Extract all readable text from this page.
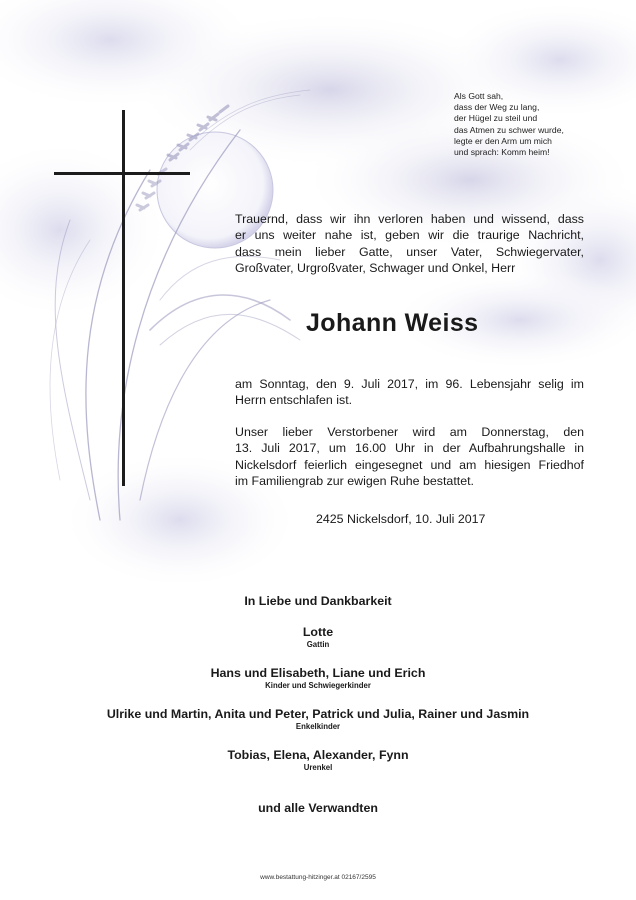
Als Gott sah,
dass der Weg zu lang,
der Hügel zu steil und
das Atmen zu schwer wurde,
legte er den Arm um mich
und sprach: Komm heim!
Trauernd, dass wir ihn verloren haben und wissend, dass
er uns weiter nahe ist, geben wir die traurige Nachricht,
dass mein lieber Gatte, unser Vater, Schwiegervater,
Großvater, Urgroßvater, Schwager und Onkel, Herr
Johann Weiss
am Sonntag, den 9. Juli 2017, im 96. Lebensjahr selig im
Herrn entschlafen ist.
Unser lieber Verstorbener wird am Donnerstag, den
13. Juli 2017, um 16.00 Uhr in der Aufbahrungshalle in
Nickelsdorf feierlich eingesegnet und am hiesigen Friedhof
im Familiengrab zur ewigen Ruhe bestattet.
2425 Nickelsdorf, 10. Juli 2017
In Liebe und Dankbarkeit
Lotte
Gattin
Hans und Elisabeth, Liane und Erich
Kinder und Schwiegerkinder
Ulrike und Martin, Anita und Peter, Patrick und Julia, Rainer und Jasmin
Enkelkinder
Tobias, Elena, Alexander, Fynn
Urenkel
und alle Verwandten
www.bestattung-hitzinger.at 02167/2595
